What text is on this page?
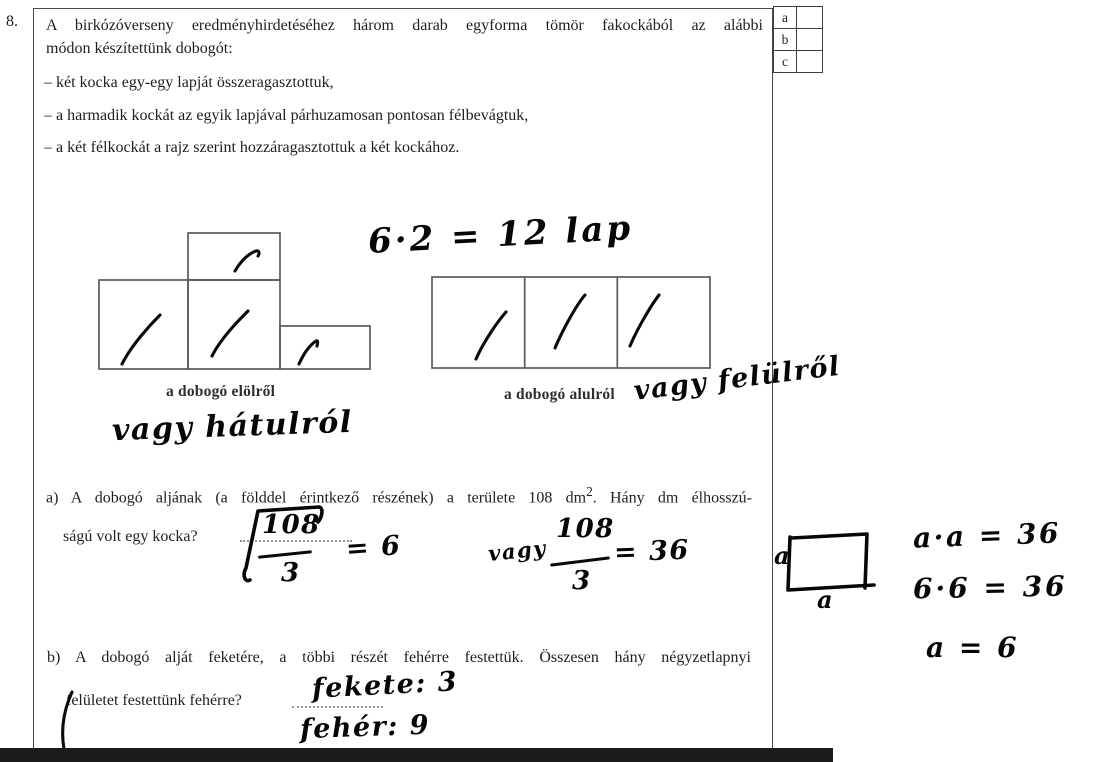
8.	a
b
c
A birkózóverseny eredményhirdetéséhez három darab egyforma tömör fakockából az alábbi
módon készítettünk dobogót:
– két kocka egy-egy lapját összeragasztottuk,
– a harmadik kockát az egyik lapjával párhuzamosan pontosan félbevágtuk,
– a két félkockát a rajz szerint hozzáragasztottuk a két kockához.
a dobogó elölről
vagy hátulról
a dobogó alulról vagy felülről
6·2 = 12 lap
a) A dobogó aljának (a földdel érintkező részének) a területe 108 $dm^2$. Hány dm élhosszú-
ságú volt egy kocka? 108
3
= 6	vagy
108
3
= 36	a
a
a·a = 36
6·6 = 36
a = 6
b) A dobogó alját feketére, a többi részét fehérre festettük. Összesen hány négyzetlapnyi
felületet festettünk fehérre?	fekete: 3
fehér: 9
